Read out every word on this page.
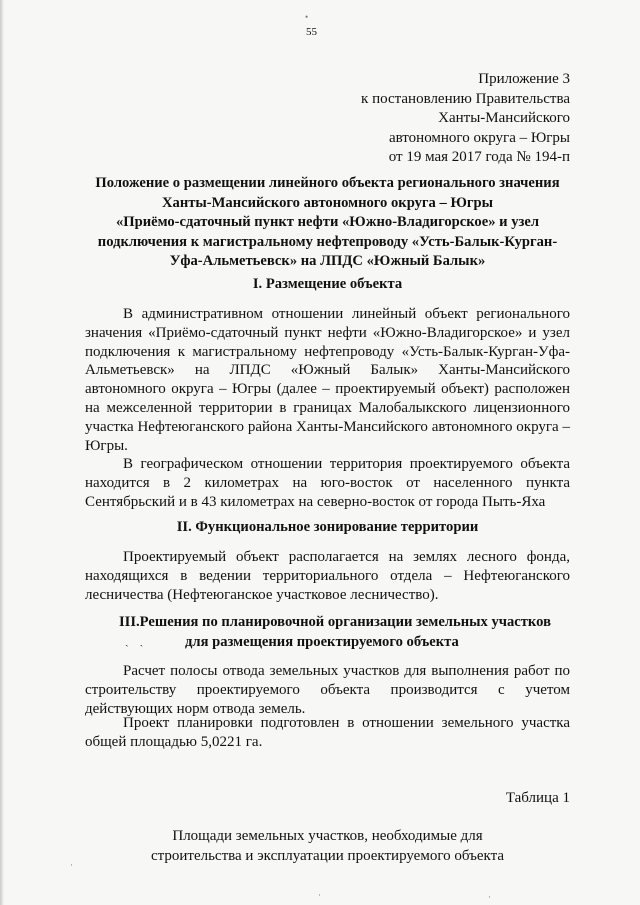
55
Приложение 3
к постановлению Правительства
Ханты-Мансийского
автономного округа – Югры
от 19 мая 2017 года № 194-п
Положение о размещении линейного объекта регионального значения
Ханты-Мансийского автономного округа – Югры
«Приёмо-сдаточный пункт нефти «Южно-Владигорское» и узел
подключения к магистральному нефтепроводу «Усть-Балык-Курган-
Уфа-Альметьевск» на ЛПДС «Южный Балык»
I. Размещение объекта

В административном отношении линейный объект регионального значения «Приёмо-сдаточный пункт нефти «Южно-Владигорское» и узел подключения к магистральному нефтепроводу «Усть-Балык-Курган-Уфа-Альметьевск» на ЛПДС «Южный Балык» Ханты-Мансийского автономного округа – Югры (далее – проектируемый объект) расположен на межселенной территории в границах Малобалыкского лицензионного участка Нефтеюганского района Ханты-Мансийского автономного округа – Югры.

В географическом отношении территория проектируемого объекта находится в 2 километрах на юго-восток от населенного пункта Сентябрьский и в 43 километрах на северно-восток от города Пыть-Яха

II. Функциональное зонирование территории

Проектируемый объект располагается на землях лесного фонда, находящихся в ведении территориального отдела – Нефтеюганского лесничества (Нефтеюганское участковое лесничество).

III.Решения по планировочной организации земельных участков
для размещения проектируемого объекта
ˎ    ˎ

Расчет полосы отвода земельных участков для выполнения работ по строительству проектируемого объекта производится с учетом действующих норм отвода земель.

Проект планировки подготовлен в отношении земельного участка общей площадью 5,0221 га.

Таблица 1
Площади земельных участков, необходимые для
строительства и эксплуатации проектируемого объекта
•
·
·	·
